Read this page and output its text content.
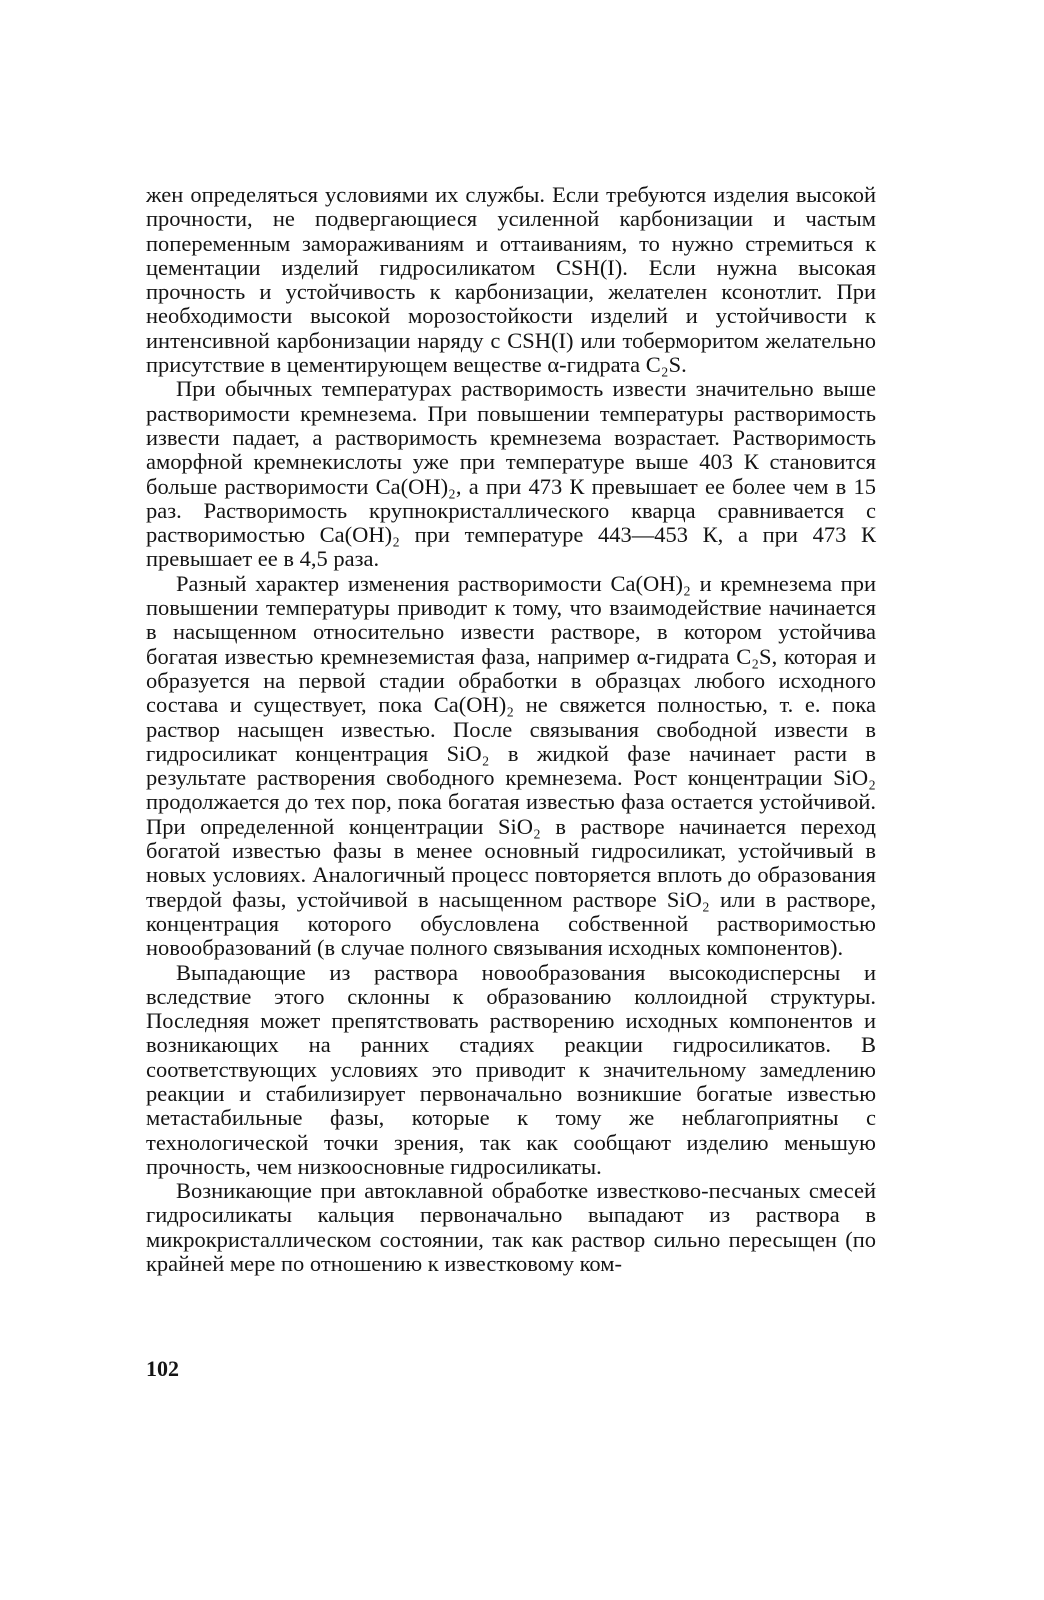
жен определяться условиями их службы. Если требуются изделия высокой прочности, не подвергающиеся усиленной карбонизации и частым попеременным замораживаниям и оттаиваниям, то нужно стремиться к цементации изделий гидросиликатом CSH(I). Если нужна высокая прочность и устойчивость к карбонизации, желателен ксонотлит. При необходимости высокой морозостойкости изделий и устойчивости к интенсивной карбонизации наряду с CSH(I) или тоберморитом желательно присутствие в цементирующем веществе α-гидрата C₂S.

При обычных температурах растворимость извести значительно выше растворимости кремнезема. При повышении температуры растворимость извести падает, а растворимость кремнезема возрастает. Растворимость аморфной кремнекислоты уже при температуре выше 403 К становится больше растворимости Ca(OH)₂, а при 473 К превышает ее более чем в 15 раз. Растворимость крупнокристаллического кварца сравнивается с растворимостью Ca(OH)₂ при температуре 443—453 К, а при 473 К превышает ее в 4,5 раза.

Разный характер изменения растворимости Ca(OH)₂ и кремнезема при повышении температуры приводит к тому, что взаимодействие начинается в насыщенном относительно извести растворе, в котором устойчива богатая известью кремнеземистая фаза, например α-гидрата C₂S, которая и образуется на первой стадии обработки в образцах любого исходного состава и существует, пока Ca(OH)₂ не свяжется полностью, т. е. пока раствор насыщен известью. После связывания свободной извести в гидросиликат концентрация SiO₂ в жидкой фазе начинает расти в результате растворения свободного кремнезема. Рост концентрации SiO₂ продолжается до тех пор, пока богатая известью фаза остается устойчивой. При определенной концентрации SiO₂ в растворе начинается переход богатой известью фазы в менее основный гидросиликат, устойчивый в новых условиях. Аналогичный процесс повторяется вплоть до образования твердой фазы, устойчивой в насыщенном растворе SiO₂ или в растворе, концентрация которого обусловлена собственной растворимостью новообразований (в случае полного связывания исходных компонентов).

Выпадающие из раствора новообразования высокодисперсны и вследствие этого склонны к образованию коллоидной структуры. Последняя может препятствовать растворению исходных компонентов и возникающих на ранних стадиях реакции гидросиликатов. В соответствующих условиях это приводит к значительному замедлению реакции и стабилизирует первоначально возникшие богатые известью метастабильные фазы, которые к тому же неблагоприятны с технологической точки зрения, так как сообщают изделию меньшую прочность, чем низкоосновные гидросиликаты.

Возникающие при автоклавной обработке известково-песчаных смесей гидросиликаты кальция первоначально выпадают из раствора в микрокристаллическом состоянии, так как раствор сильно пересыщен (по крайней мере по отношению к известковому ком-

102
